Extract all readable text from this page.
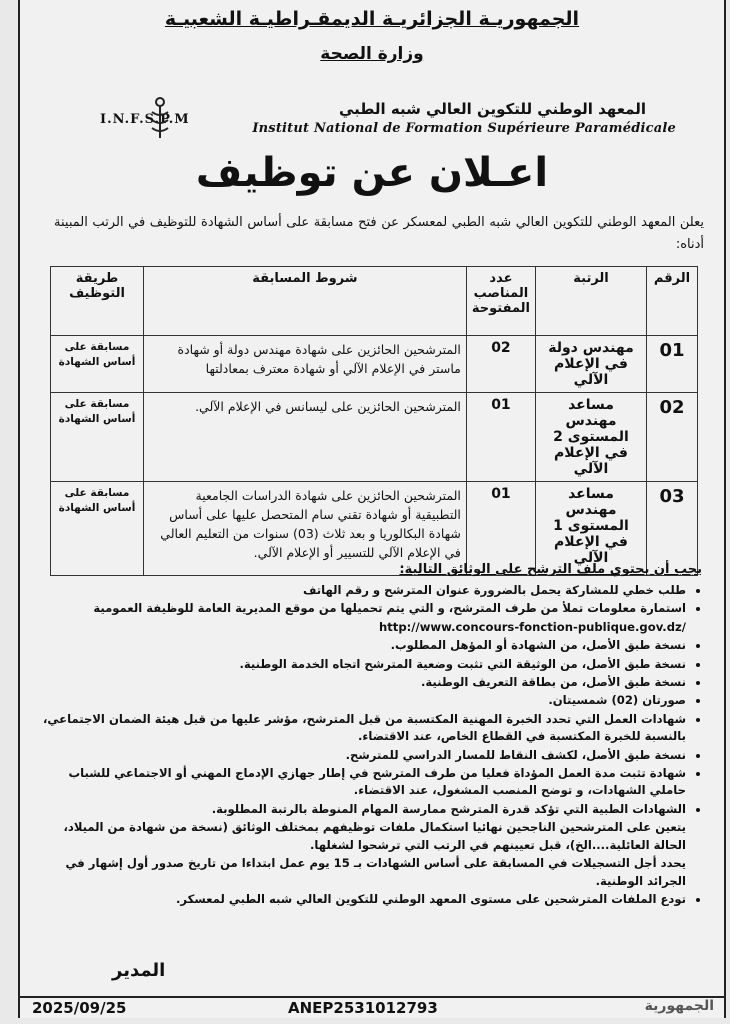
الجمهوريـة الجزائريـة الديمقـراطيـة الشعبيـة
وزارة الصحة
I.N.F.S.P.M
المعهد الوطني للتكوين العالي شبه الطبي
Institut National de Formation Supérieure Paramédicale
اعـلان عن توظيف
يعلن المعهد الوطني للتكوين العالي شبه الطبي لمعسكر عن فتح مسابقة على أساس الشهادة للتوظيف في الرتب المبينة أدناه:
الرقم	الرتبة	عدد المناصب المفتوحة	شروط المسابقة	طريقة التوظيف
01	مهندس دولة في الإعلام الآلي	02	المترشحين الحائزين على شهادة مهندس دولة أو شهادة ماستر في الإعلام الآلي أو شهادة معترف بمعادلتها	مسابقة على أساس الشهادة
02	مساعد مهندس المستوى 2 في الإعلام الآلي	01	المترشحين الحائزين على ليسانس في الإعلام الآلي.	مسابقة على أساس الشهادة
03	مساعد مهندس المستوى 1 في الإعلام الآلي	01	المترشحين الحائزين على شهادة الدراسات الجامعية التطبيقية أو شهادة تقني سام المتحصل عليها على أساس شهادة البكالوريا و بعد ثلاث (03) سنوات من التعليم العالي في الإعلام الآلي للتسيير أو الإعلام الآلي.	مسابقة على أساس الشهادة
يجب أن يحتوي ملف الترشح على الوثائق التالية:
• طلب خطي للمشاركة يحمل بالضرورة عنوان المترشح و رقم الهاتف
• استمارة معلومات تملأ من طرف المترشح، و التي يتم تحميلها من موقع المديرية العامة للوظيفة العمومية
http://www.concours-fonction-publique.gov.dz/
• نسخة طبق الأصل، من الشهادة أو المؤهل المطلوب.
• نسخة طبق الأصل، من الوثيقة التي تثبت وضعية المترشح اتجاه الخدمة الوطنية.
• نسخة طبق الأصل، من بطاقة التعريف الوطنية.
• صورتان (02) شمسيتان.
• شهادات العمل التي تحدد الخبرة المهنية المكتسبة من قبل المترشح، مؤشر عليها من قبل هيئة الضمان الاجتماعي، بالنسبة للخبرة المكتسبة في القطاع الخاص، عند الاقتضاء.
• نسخة طبق الأصل، لكشف النقاط للمسار الدراسي للمترشح.
• شهادة تثبت مدة العمل المؤداة فعليا من طرف المترشح في إطار جهازي الإدماج المهني أو الاجتماعي للشباب حاملي الشهادات، و توضح المنصب المشغول، عند الاقتضاء.
• الشهادات الطبية التي تؤكد قدرة المترشح ممارسة المهام المنوطة بالرتبة المطلوبة.
يتعين على المترشحين الناجحين نهائيا استكمال ملفات توظيفهم بمختلف الوثائق (نسخة من شهادة من الميلاد، الحالة العائلية....الخ)، قبل تعيينهم في الرتب التي ترشحوا لشغلها.
يحدد أجل التسجيلات في المسابقة على أساس الشهادات بـ 15 يوم عمل ابتداءا من تاريخ صدور أول إشهار في الجرائد الوطنية.
• تودع الملفات المترشحين على مستوى المعهد الوطني للتكوين العالي شبه الطبي لمعسكر.
المدير
2025/09/25	ANEP2531012793	الجمهورية
